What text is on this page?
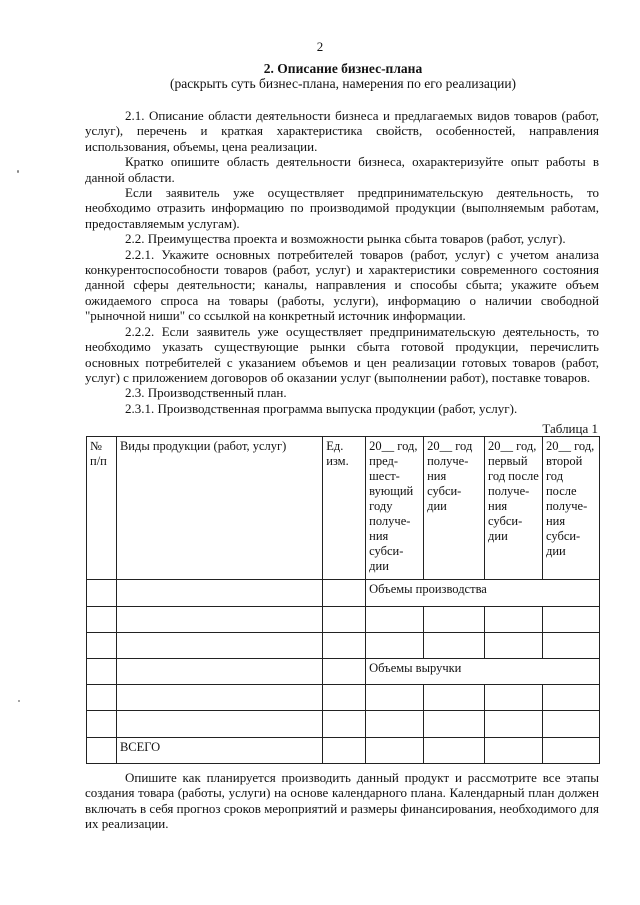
2
2. Описание бизнес-плана
(раскрыть суть бизнес-плана, намерения по его реализации)

2.1. Описание области деятельности бизнеса и предлагаемых видов товаров (работ, услуг), перечень и краткая характеристика свойств, особенностей, направления использования, объемы, цена реализации.

Кратко опишите область деятельности бизнеса, охарактеризуйте опыт работы в данной области.

Если заявитель уже осуществляет предпринимательскую деятельность, то необходимо отразить информацию по производимой продукции (выполняемым работам, предоставляемым услугам).

2.2. Преимущества проекта и возможности рынка сбыта товаров (работ, услуг).

2.2.1. Укажите основных потребителей товаров (работ, услуг) с учетом анализа конкурентоспособности товаров (работ, услуг) и характеристики современного состояния данной сферы деятельности; каналы, направления и способы сбыта; укажите объем ожидаемого спроса на товары (работы, услуги), информацию о наличии свободной "рыночной ниши" со ссылкой на конкретный источник информации.

2.2.2. Если заявитель уже осуществляет предпринимательскую деятельность, то необходимо указать существующие рынки сбыта готовой продукции, перечислить основных потребителей с указанием объемов и цен реализации готовых товаров (работ, услуг) с приложением договоров об оказании услуг (выполнении работ), поставке товаров.

2.3. Производственный план.

2.3.1. Производственная программа выпуска продукции (работ, услуг).

Таблица 1
№ п/п	Виды продукции (работ, услуг)	Ед. изм.	20__ год, пред-шест-вующий году получе-ния субси-дии	20__ год получе-ния субси-дии	20__ год, первый год после получе-ния субси-дии	20__ год, второй год после получе-ния субси-дии
			Объемы производства			

			Объемы выручки			

	ВСЕГО					

Опишите как планируется производить данный продукт и рассмотрите все этапы создания товара (работы, услуги) на основе календарного плана. Календарный план должен включать в себя прогноз сроков мероприятий и размеры финансирования, необходимого для их реализации.
